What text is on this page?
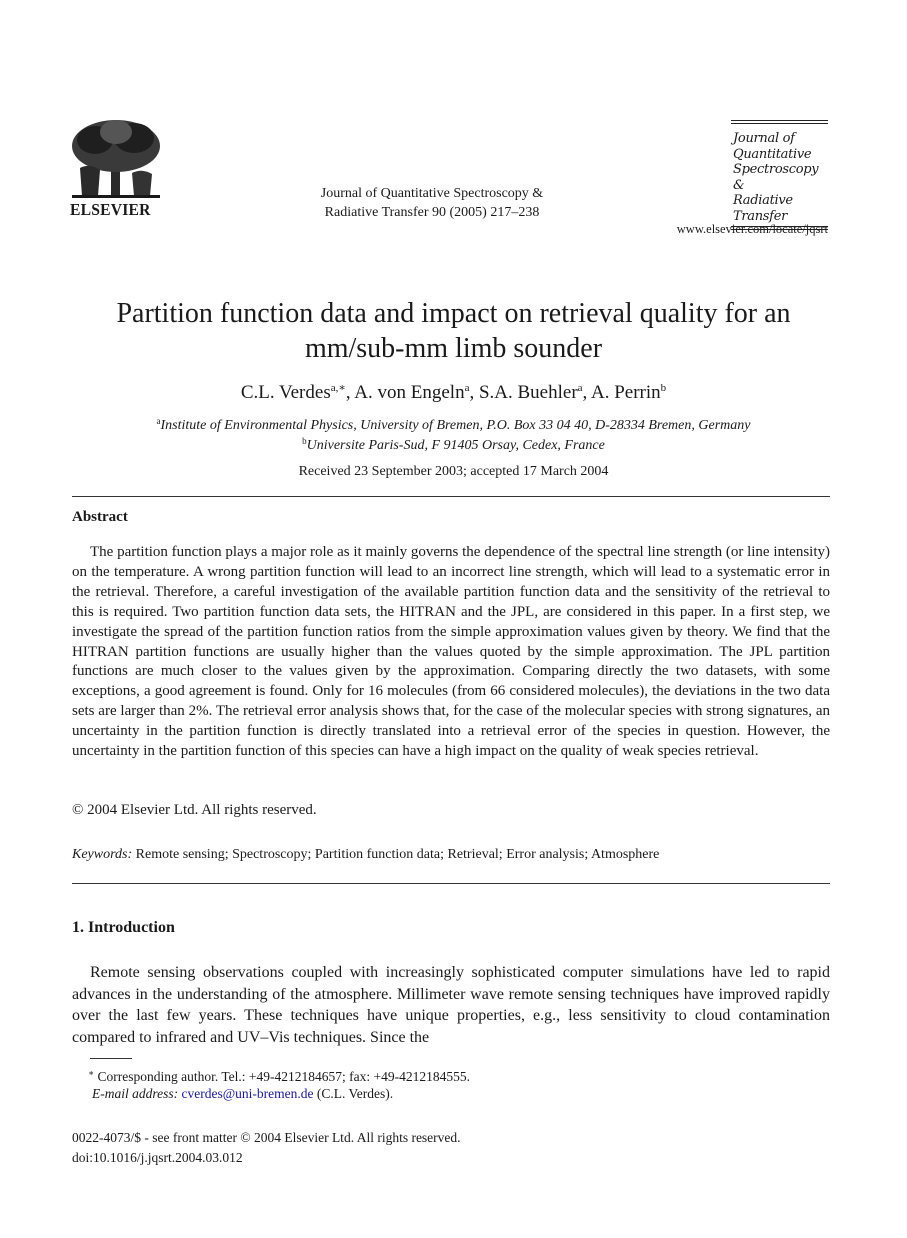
ELSEVIER
Journal of Quantitative Spectroscopy &
Radiative Transfer 90 (2005) 217–238
Journal of
Quantitative
Spectroscopy &
Radiative
Transfer
www.elsevier.com/locate/jqsrt
Partition function data and impact on retrieval quality for an
mm/sub-mm limb sounder
C.L. Verdes$^{a,∗}$, A. von Engeln$^a$, S.A. Buehler$^a$, A. Perrin$^b$
$^a$Institute of Environmental Physics, University of Bremen, P.O. Box 33 04 40, D-28334 Bremen, Germany
$^b$Universite Paris-Sud, F 91405 Orsay, Cedex, France
Received 23 September 2003; accepted 17 March 2004
Abstract
The partition function plays a major role as it mainly governs the dependence of the spectral line strength (or line intensity) on the temperature. A wrong partition function will lead to an incorrect line strength, which will lead to a systematic error in the retrieval. Therefore, a careful investigation of the available partition function data and the sensitivity of the retrieval to this is required. Two partition function data sets, the HITRAN and the JPL, are considered in this paper. In a first step, we investigate the spread of the partition function ratios from the simple approximation values given by theory. We find that the HITRAN partition functions are usually higher than the values quoted by the simple approximation. The JPL partition functions are much closer to the values given by the approximation. Comparing directly the two datasets, with some exceptions, a good agreement is found. Only for 16 molecules (from 66 considered molecules), the deviations in the two data sets are larger than 2%. The retrieval error analysis shows that, for the case of the molecular species with strong signatures, an uncertainty in the partition function is directly translated into a retrieval error of the species in question. However, the uncertainty in the partition function of this species can have a high impact on the quality of weak species retrieval.
© 2004 Elsevier Ltd. All rights reserved.
Keywords: Remote sensing; Spectroscopy; Partition function data; Retrieval; Error analysis; Atmosphere
1. Introduction
Remote sensing observations coupled with increasingly sophisticated computer simulations have led to rapid advances in the understanding of the atmosphere. Millimeter wave remote sensing techniques have improved rapidly over the last few years. These techniques have unique properties, e.g., less sensitivity to cloud contamination compared to infrared and UV–Vis techniques. Since the
∗ Corresponding author. Tel.: +49-4212184657; fax: +49-4212184555.
E-mail address: cverdes@uni-bremen.de (C.L. Verdes).
0022-4073/$ - see front matter © 2004 Elsevier Ltd. All rights reserved.
doi:10.1016/j.jqsrt.2004.03.012
